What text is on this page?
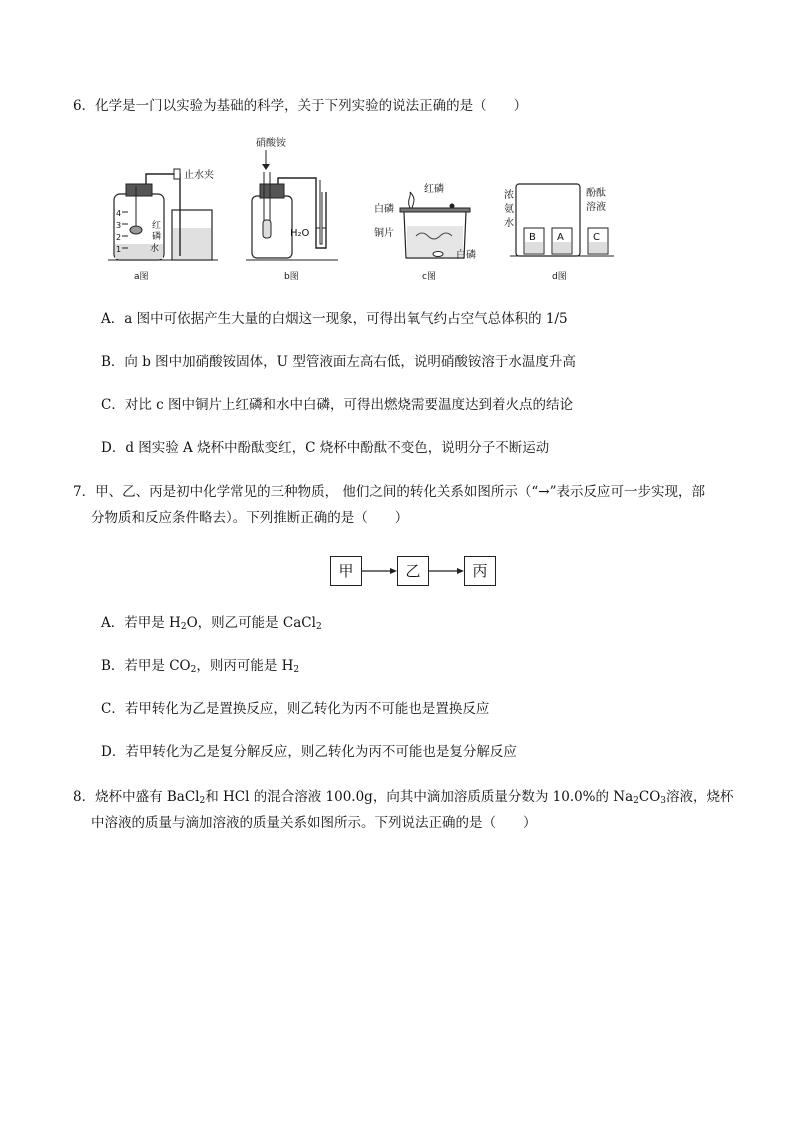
6．化学是一门以实验为基础的科学，关于下列实验的说法正确的是（　　）
4
3
2
1
止水夹
红
磷
水
a图
硝酸铵
H₂O
b图
红磷
白磷
铜片
白磷
c图
浓
氨
水
酚酞
溶液
B A	C
d图
A．a 图中可依据产生大量的白烟这一现象，可得出氧气约占空气总体积的 1/5
B．向 b 图中加硝酸铵固体，U 型管液面左高右低，说明硝酸铵溶于水温度升高
C．对比 c 图中铜片上红磷和水中白磷，可得出燃烧需要温度达到着火点的结论
D．d 图实验 A 烧杯中酚酞变红，C 烧杯中酚酞不变色，说明分子不断运动
7．甲、乙、丙是初中化学常见的三种物质， 他们之间的转化关系如图所示（“→”表示反应可一步实现，部
分物质和反应条件略去）。下列推断正确的是（　　）
甲	乙	丙
A．若甲是 $H_2O$，则乙可能是 CaCl$_2$
B．若甲是 $CO_2$，则丙可能是 $H_2$
C．若甲转化为乙是置换反应，则乙转化为丙不可能也是置换反应
D．若甲转化为乙是复分解反应，则乙转化为丙不可能也是复分解反应
8．烧杯中盛有 BaCl$_2$和 HCl 的混合溶液 100.0g，向其中滴加溶质质量分数为 10.0%的 $Na_2CO_3$溶液，烧杯
中溶液的质量与滴加溶液的质量关系如图所示。下列说法正确的是（　　）
